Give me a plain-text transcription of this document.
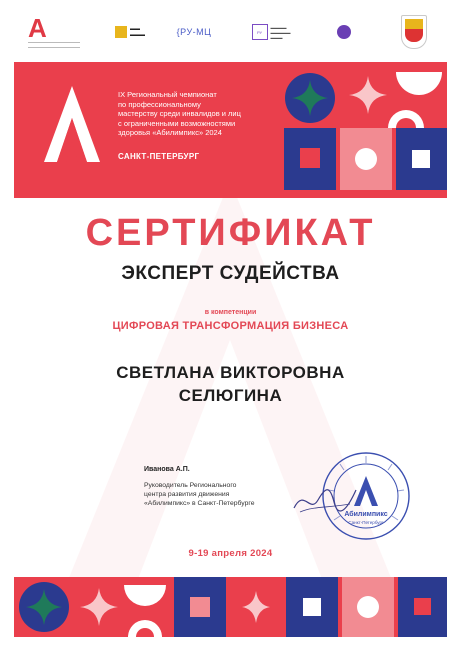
A	▬▬
▬▬▬	{РУ-МЦ	РУ
▬▬▬▬
▬▬▬▬▬
▬▬▬
IX Региональный чемпионат
по профессиональному
мастерству среди инвалидов и лиц
с ограниченными возможностями
здоровья «Абилимпикс» 2024
САНКТ-ПЕТЕРБУРГ
СЕРТИФИКАТ
ЭКСПЕРТ СУДЕЙСТВА
в компетенции
ЦИФРОВАЯ ТРАНСФОРМАЦИЯ БИЗНЕСА
СВЕТЛАНА ВИКТОРОВНА
СЕЛЮГИНА
Иванова А.П.
Руководитель Регионального
центра развития движения
«Абилимпикс» в Санкт-Петербурге
Абилимпикс
Санкт-Петербург
9-19 апреля 2024
